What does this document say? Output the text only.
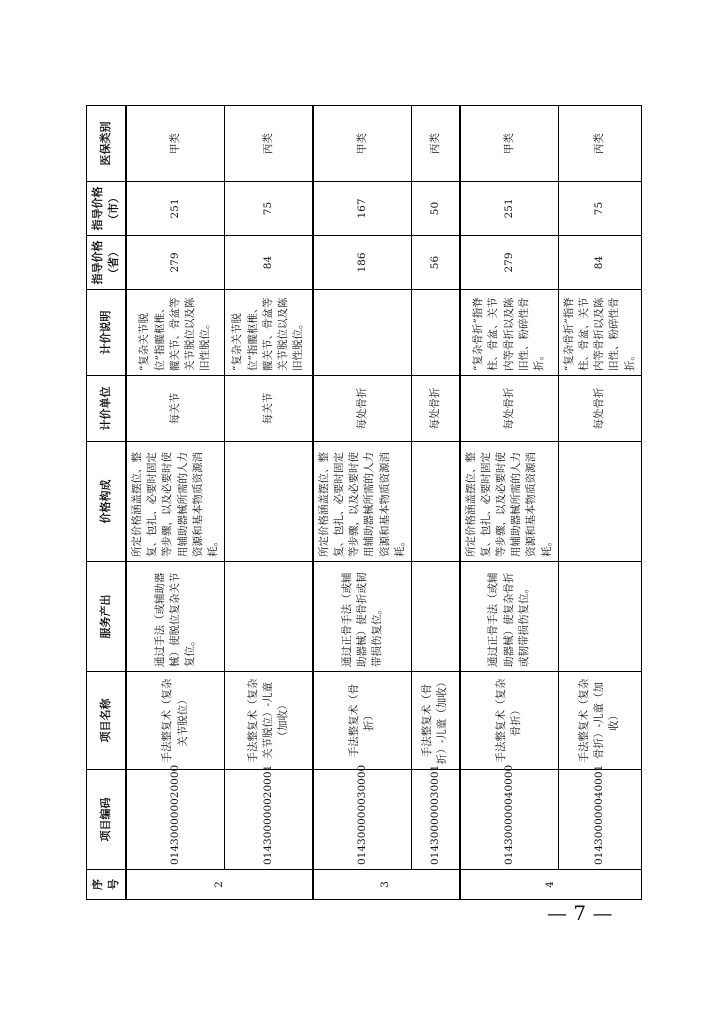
序号	项目编码	项目名称	服务产出	价格构成	计价单位	计价说明	指导价格（省）	指导价格（市）	医保类别
2	014300000020000	手法整复术（复杂关节脱位）	通过手法（或辅助器械）使脱位复杂关节复位。	所定价格涵盖摆位、整复、包扎、必要时固定等步骤，以及必要时使用辅助器械所需的人力资源和基本物质资源消耗。	每关节	“复杂关节脱位”指髋枢椎、髋关节、骨盆等关节脱位以及陈旧性脱位。	279	251	甲类
	014300000020001	手法整复术（复杂关节脱位）-儿童（加收）			每关节	“复杂关节脱位”指髋枢椎、髋关节、骨盆等关节脱位以及陈旧性脱位。	84	75	丙类
3	014300000030000	手法整复术（骨折）	通过正骨手法（或辅助器械）使骨折或韧带损伤复位。	所定价格涵盖摆位、整复、包扎、必要时固定等步骤，以及必要时使用辅助器械所需的人力资源和基本物质资源消耗。	每处骨折		186	167	甲类
	014300000030001	手法整复术（骨折）-儿童（加收）			每处骨折		56	50	丙类
4	014300000040000	手法整复术（复杂骨折）	通过正骨手法（或辅助器械）使复杂骨折或韧带损伤复位。	所定价格涵盖摆位、整复、包扎、必要时固定等步骤，以及必要时使用辅助器械所需的人力资源和基本物质资源消耗。	每处骨折	“复杂骨折”指脊柱、骨盆、关节内等骨折以及陈旧性、粉碎性骨折。	279	251	甲类
	014300000040001	手法整复术（复杂骨折）-儿童（加收）			每处骨折	“复杂骨折”指脊柱、骨盆、关节内等骨折以及陈旧性、粉碎性骨折。	84	75	丙类
— 7 —
